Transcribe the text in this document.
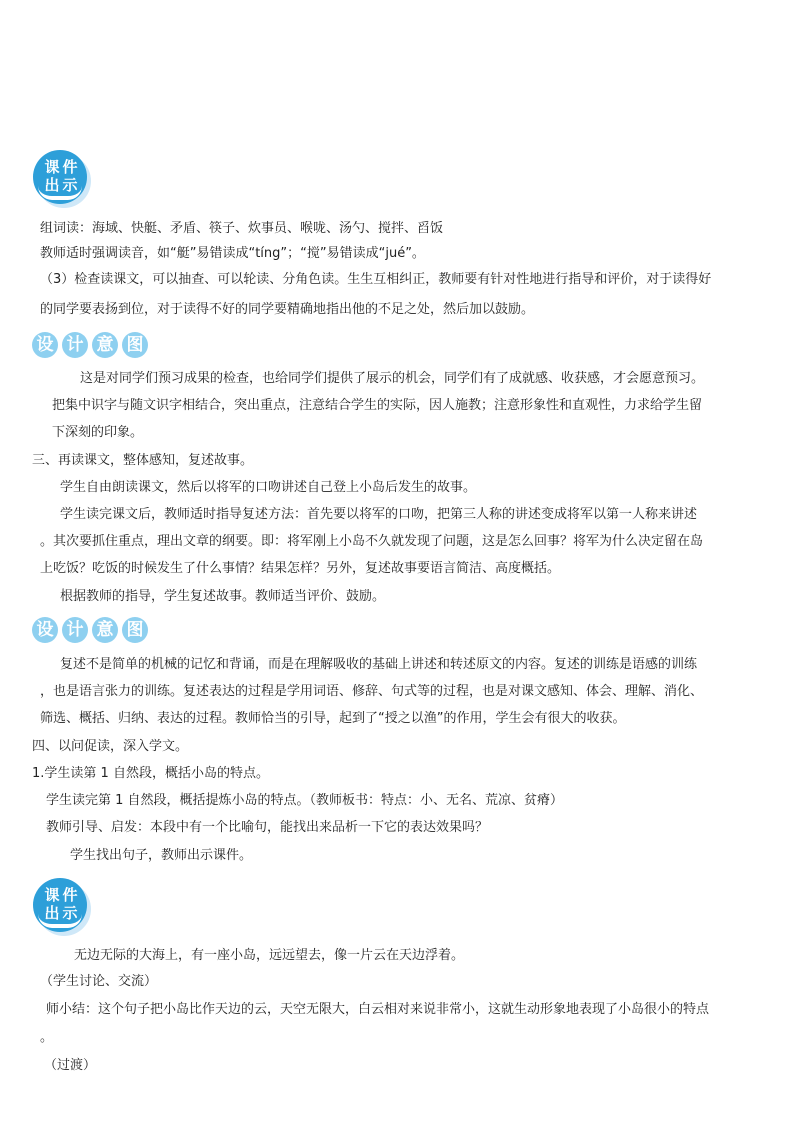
课 件
出 示
组词读：海域、快艇、矛盾、筷子、炊事员、喉咙、汤勺、搅拌、舀饭
教师适时强调读音，如“艇”易错读成“tíng”；“搅”易错读成“jué”。
（3）检查读课文，可以抽查、可以轮读、分角色读。生生互相纠正，教师要有针对性地进行指导和评价，对于读得好
的同学要表扬到位，对于读得不好的同学要精确地指出他的不足之处，然后加以鼓励。
设 计 意 图
这是对同学们预习成果的检查，也给同学们提供了展示的机会，同学们有了成就感、收获感，才会愿意预习。
把集中识字与随文识字相结合，突出重点，注意结合学生的实际，因人施教；注意形象性和直观性，力求给学生留
下深刻的印象。
三、再读课文，整体感知，复述故事。
学生自由朗读课文，然后以将军的口吻讲述自己登上小岛后发生的故事。
学生读完课文后，教师适时指导复述方法：首先要以将军的口吻，把第三人称的讲述变成将军以第一人称来讲述
。其次要抓住重点，理出文章的纲要。即：将军刚上小岛不久就发现了问题，这是怎么回事？将军为什么决定留在岛
上吃饭？吃饭的时候发生了什么事情？结果怎样？另外，复述故事要语言简洁、高度概括。
根据教师的指导，学生复述故事。教师适当评价、鼓励。
设 计 意 图
复述不是简单的机械的记忆和背诵，而是在理解吸收的基础上讲述和转述原文的内容。复述的训练是语感的训练
，也是语言张力的训练。复述表达的过程是学用词语、修辞、句式等的过程，也是对课文感知、体会、理解、消化、
筛选、概括、归纳、表达的过程。教师恰当的引导，起到了“授之以渔”的作用，学生会有很大的收获。
四、以问促读，深入学文。
1.学生读第 1 自然段，概括小岛的特点。
学生读完第 1 自然段，概括提炼小岛的特点。（教师板书：特点：小、无名、荒凉、贫瘠）
教师引导、启发：本段中有一个比喻句，能找出来品析一下它的表达效果吗？
学生找出句子，教师出示课件。
课 件
出 示
无边无际的大海上，有一座小岛，远远望去，像一片云在天边浮着。
（学生讨论、交流）
师小结：这个句子把小岛比作天边的云，天空无限大，白云相对来说非常小，这就生动形象地表现了小岛很小的特点
。
（过渡）
